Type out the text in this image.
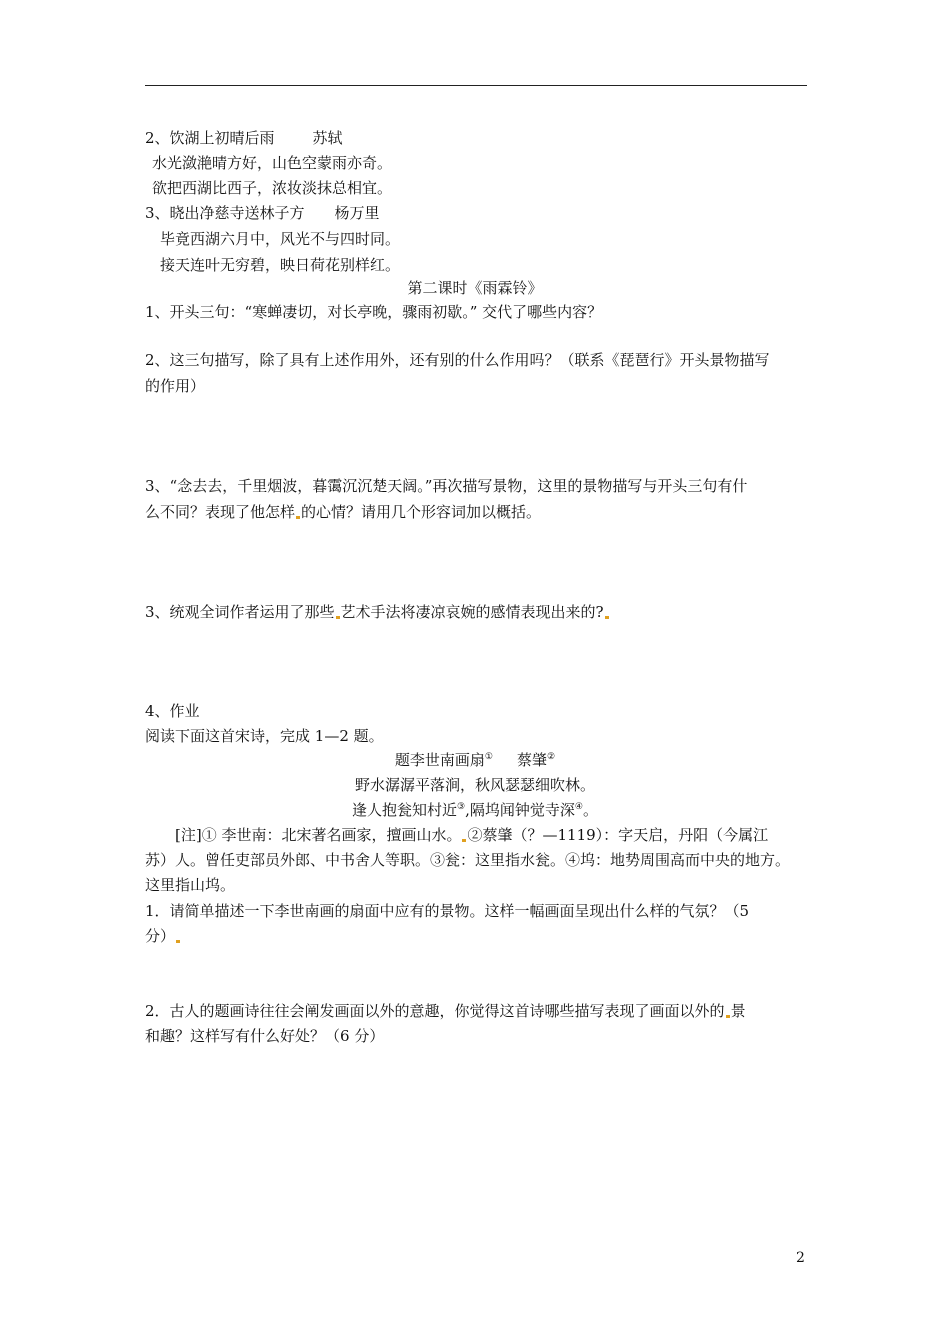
2、饮湖上初晴后雨	苏轼
水光潋滟晴方好，山色空蒙雨亦奇。
欲把西湖比西子，浓妆淡抹总相宜。
3、晓出净慈寺送林子方 杨万里
毕竟西湖六月中，风光不与四时同。
接天连叶无穷碧，映日荷花别样红。
第二课时《雨霖铃》
1、开头三句：“寒蝉凄切，对长亭晚，骤雨初歇。” 交代了哪些内容？
2、这三句描写，除了具有上述作用外，还有别的什么作用吗？（联系《琵琶行》开头景物描写
的作用）
3、“念去去，千里烟波，暮霭沉沉楚天阔。”再次描写景物，这里的景物描写与开头三句有什
么不同？表现了他怎样 的心情？请用几个形容词加以概括。
3、统观全词作者运用了那些 艺术手法将凄凉哀婉的感情表现出来的?
4、作业
阅读下面这首宋诗，完成 1—2 题。
题李世南画扇① 蔡肇②
野水潺潺平落涧，秋风瑟瑟细吹林。
逢人抱瓮知村近③,隔坞闻钟觉寺深④。
[注]① 李世南：北宋著名画家，擅画山水。 ②蔡肇（？—1119）：字天启，丹阳（今属江
苏）人。曾任吏部员外郎、中书舍人等职。③瓮：这里指水瓮。④坞：地势周围高而中央的地方。
这里指山坞。
1．请简单描述一下李世南画的扇面中应有的景物。这样一幅画面呈现出什么样的气氛？（5
分）
2．古人的题画诗往往会阐发画面以外的意趣，你觉得这首诗哪些描写表现了画面以外的 景
和趣？这样写有什么好处？（6 分）
2
